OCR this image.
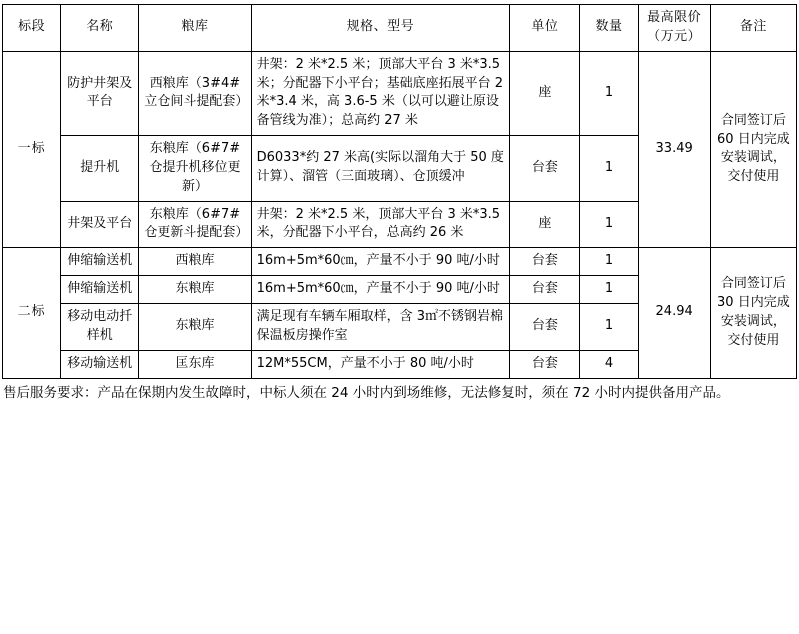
标段	名称	粮库	规格、型号	单位	数量	最高限价（万元）	备注
一标	防护井架及平台	西粮库（3#4#立仓间斗提配套）	井架：2 米*2.5 米；顶部大平台 3 米*3.5 米；分配器下小平台；基础底座拓展平台 2 米*3.4 米，高 3.6-5 米（以可以避让原设备管线为准）；总高约 27 米	座	1	33.49	合同签订后 60 日内完成安装调试，交付使用
	提升机	东粮库（6#7#仓提升机移位更新）	D6033*约 27 米高(实际以溜角大于 50 度计算）、溜管（三面玻璃）、仓顶缓冲	台套	1		
	井架及平台	东粮库（6#7#仓更新斗提配套）	井架：2 米*2.5 米，顶部大平台 3 米*3.5 米，分配器下小平台，总高约 26 米	座	1		
二标	伸缩输送机	西粮库	16m+5m*60㎝，产量不小于 90 吨/小时	台套	1	24.94	合同签订后 30 日内完成安装调试，交付使用
	伸缩输送机	东粮库	16m+5m*60㎝，产量不小于 90 吨/小时	台套	1		
	移动电动扦样机	东粮库	满足现有车辆车厢取样，含 3㎡不锈钢岩棉保温板房操作室	台套	1		
	移动输送机	匡东库	12M*55CM，产量不小于 80 吨/小时	台套	4		
售后服务要求：产品在保期内发生故障时，中标人须在 24 小时内到场维修，无法修复时，须在 72 小时内提供备用产品。
